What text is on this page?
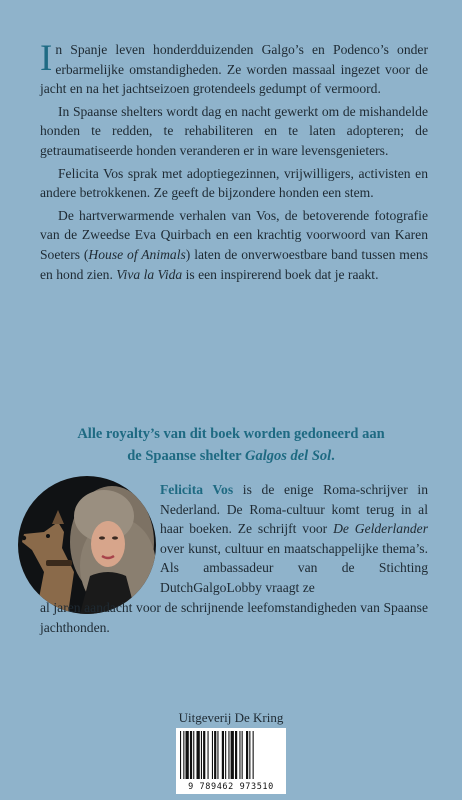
In Spanje leven honderdduizenden Galgo’s en Podenco’s onder erbarmelijke omstandigheden. Ze worden massaal ingezet voor de jacht en na het jachtseizoen grotendeels gedumpt of vermoord.

In Spaanse shelters wordt dag en nacht gewerkt om de mishandelde honden te redden, te rehabiliteren en te laten adopteren; de getraumatiseerde honden veranderen er in ware levensgenieters.

Felicita Vos sprak met adoptiegezinnen, vrijwilligers, activisten en andere betrokkenen. Ze geeft de bijzondere honden een stem.

De hartverwarmende verhalen van Vos, de betoverende fotografie van de Zweedse Eva Quirbach en een krachtig voorwoord van Karen Soeters (House of Animals) laten de onverwoestbare band tussen mens en hond zien. Viva la Vida is een inspirerend boek dat je raakt.

Alle royalty’s van dit boek worden gedoneerd aan
de Spaanse shelter Galgos del Sol.
Felicita Vos is de enige Roma-schrijver in Nederland. De Roma-cultuur komt terug in al haar boeken. Ze schrijft voor De Gelderlander over kunst, cultuur en maatschappelijke thema’s. Als ambassadeur van de Stichting DutchGalgoLobby vraagt ze
al jaren aandacht voor de schrijnende leefomstandigheden van Spaanse jachthonden.
Uitgeverij De Kring
9 789462 973510
